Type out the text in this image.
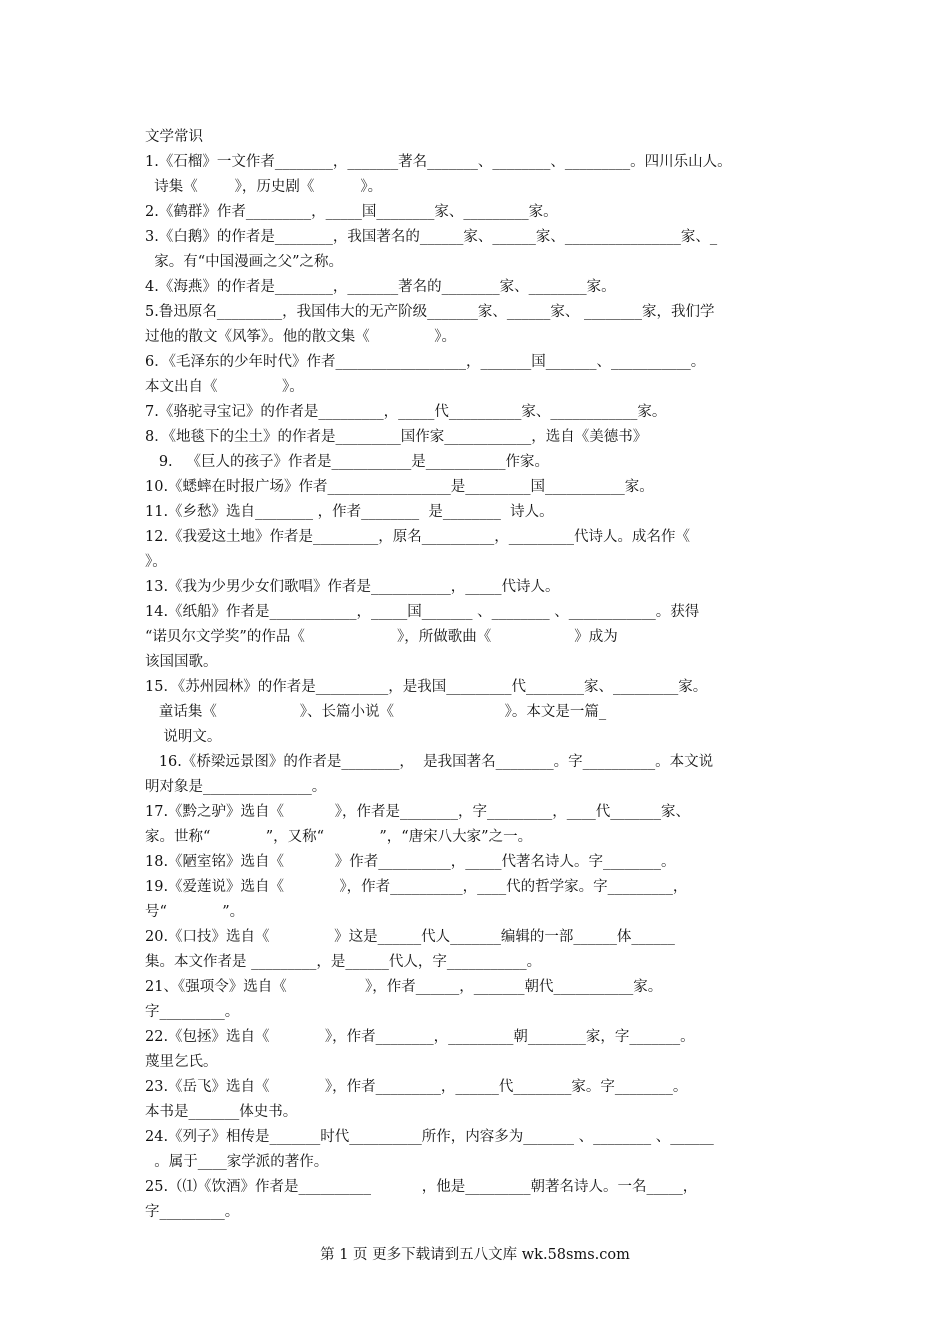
文学常识
1.《石榴》一文作者________，_______著名_______、________、_________。四川乐山人。
诗集《        》，历史剧《          》。
2.《鹤群》作者_________，_____国________家、_________家。
3.《白鹅》的作者是________，我国著名的______家、______家、________________家、_
家。有“中国漫画之父”之称。
4.《海燕》的作者是________，_______著名的________家、________家。
5.鲁迅原名_________，我国伟大的无产阶级_______家、______家、 ________家，我们学
过他的散文《风筝》。他的散文集《              》。
6．《毛泽东的少年时代》作者__________________，_______国_______、___________。
本文出自《              》。
7.《骆驼寻宝记》的作者是_________，_____代__________家、____________家。
8．《地毯下的尘土》的作者是_________国作家____________，选自《美德书》
9.   《巨人的孩子》作者是___________是___________作家。
10.《蟋蟀在时报广场》作者_________________是_________国___________家。
11.《乡愁》选自________ ，作者________  是________  诗人。
12.《我爱这土地》作者是_________，原名__________，_________代诗人。成名作《
》。
13.《我为少男少女们歌唱》作者是___________，_____代诗人。
14.《纸船》作者是____________，_____国_______ 、________ 、____________。获得
“诺贝尔文学奖”的作品《                    》，所做歌曲《                  》成为
该国国歌。
15．《苏州园林》的作者是__________，是我国_________代________家、_________家。
童话集《                  》、长篇小说《                        》。本文是一篇_
说明文。
16.《桥梁远景图》的作者是________，  是我国著名________。字__________。本文说
明对象是_______________。
17.《黔之驴》选自《           》，作者是________，字_________，____代_______家、
家。世称“            ”，又称“            ”，“唐宋八大家”之一。
18.《陋室铭》选自《           》作者__________，_____代著名诗人。字________。
19.《爱莲说》选自《            》，作者__________，____代的哲学家。字_________，
号“            ”。
20.《口技》选自《              》这是______代人_______编辑的一部______体______
集。本文作者是 _________，是______代人，字___________。
21、《强项令》选自《                 》，作者______，_______朝代___________家。
字_________。
22.《包拯》选自《            》，作者________，_________朝________家，字_______。
蔑里乞氏。
23.《岳飞》选自《            》，作者_________，______代________家。字________。
本书是_______体史书。
24.《列子》相传是_______时代__________所作，内容多为_______ 、________ 、______
。属于____家学派的著作。
25.（⑴《饮酒》作者是__________           ，他是_________朝著名诗人。一名_____，
字_________。
第 1 页 更多下载请到五八文库 wk.58sms.com
